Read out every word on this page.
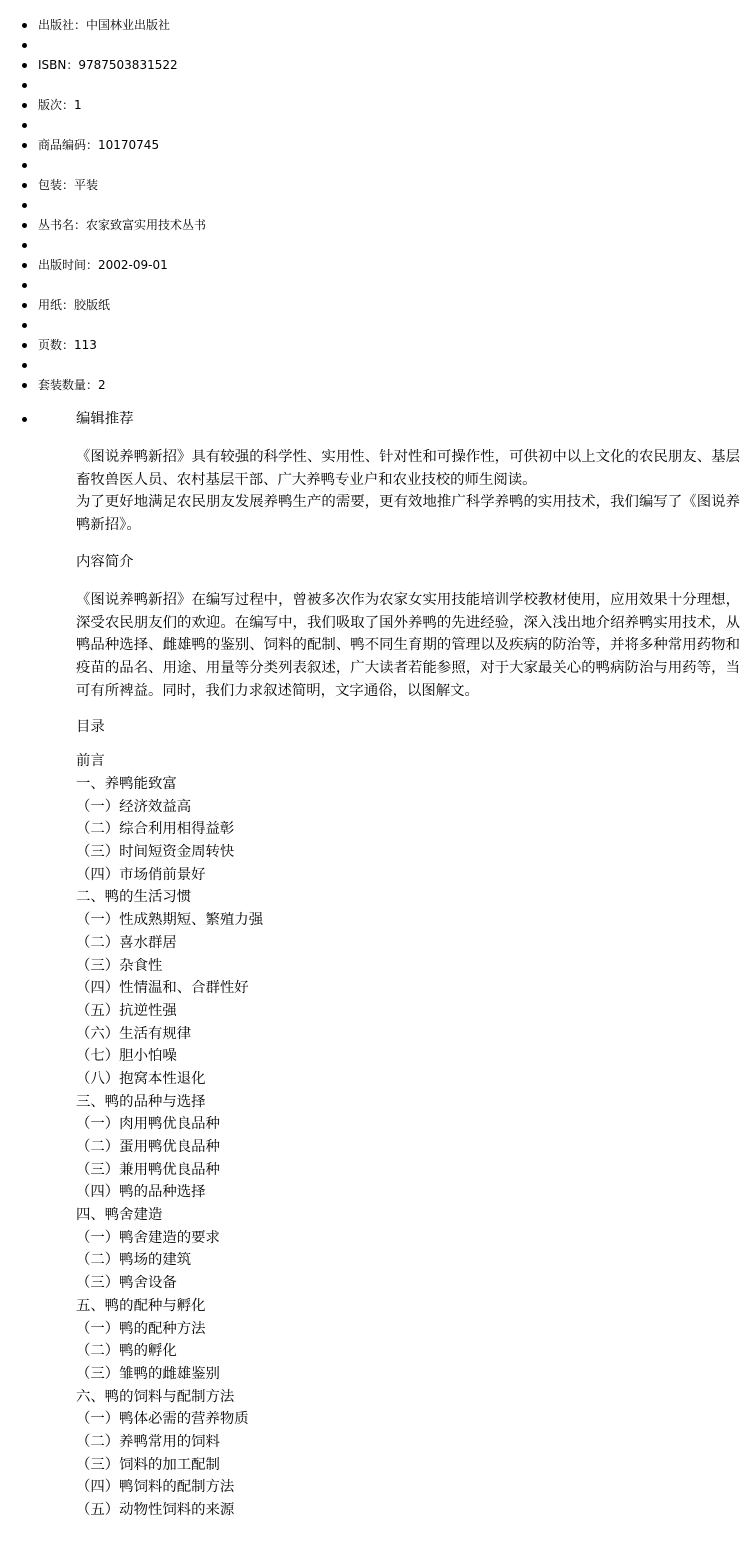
出版社：中国林业出版社
ISBN：9787503831522
版次：1
商品编码：10170745
包装：平装
丛书名：农家致富实用技术丛书
出版时间：2002-09-01
用纸：胶版纸
页数：113
套装数量：2
编辑推荐

《图说养鸭新招》具有较强的科学性、实用性、针对性和可操作性，可供初中以上文化的农民朋友、基层畜牧兽医人员、农村基层干部、广大养鸭专业户和农业技校的师生阅读。

为了更好地满足农民朋友发展养鸭生产的需要，更有效地推广科学养鸭的实用技术，我们编写了《图说养鸭新招》。

内容简介

《图说养鸭新招》在编写过程中，曾被多次作为农家女实用技能培训学校教材使用，应用效果十分理想，深受农民朋友们的欢迎。在编写中，我们吸取了国外养鸭的先进经验，深入浅出地介绍养鸭实用技术，从鸭品种选择、雌雄鸭的鉴别、饲料的配制、鸭不同生育期的管理以及疾病的防治等，并将多种常用药物和疫苗的品名、用途、用量等分类列表叙述，广大读者若能参照，对于大家最关心的鸭病防治与用药等，当可有所裨益。同时，我们力求叙述简明，文字通俗，以图解文。

目录
前言
一、养鸭能致富
（一）经济效益高
（二）综合利用相得益彰
（三）时间短资金周转快
（四）市场俏前景好
二、鸭的生活习惯
（一）性成熟期短、繁殖力强
（二）喜水群居
（三）杂食性
（四）性情温和、合群性好
（五）抗逆性强
（六）生活有规律
（七）胆小怕噪
（八）抱窝本性退化
三、鸭的品种与选择
（一）肉用鸭优良品种
（二）蛋用鸭优良品种
（三）兼用鸭优良品种
（四）鸭的品种选择
四、鸭舍建造
（一）鸭舍建造的要求
（二）鸭场的建筑
（三）鸭舍设备
五、鸭的配种与孵化
（一）鸭的配种方法
（二）鸭的孵化
（三）雏鸭的雌雄鉴别
六、鸭的饲料与配制方法
（一）鸭体必需的营养物质
（二）养鸭常用的饲料
（三）饲料的加工配制
（四）鸭饲料的配制方法
（五）动物性饲料的来源
